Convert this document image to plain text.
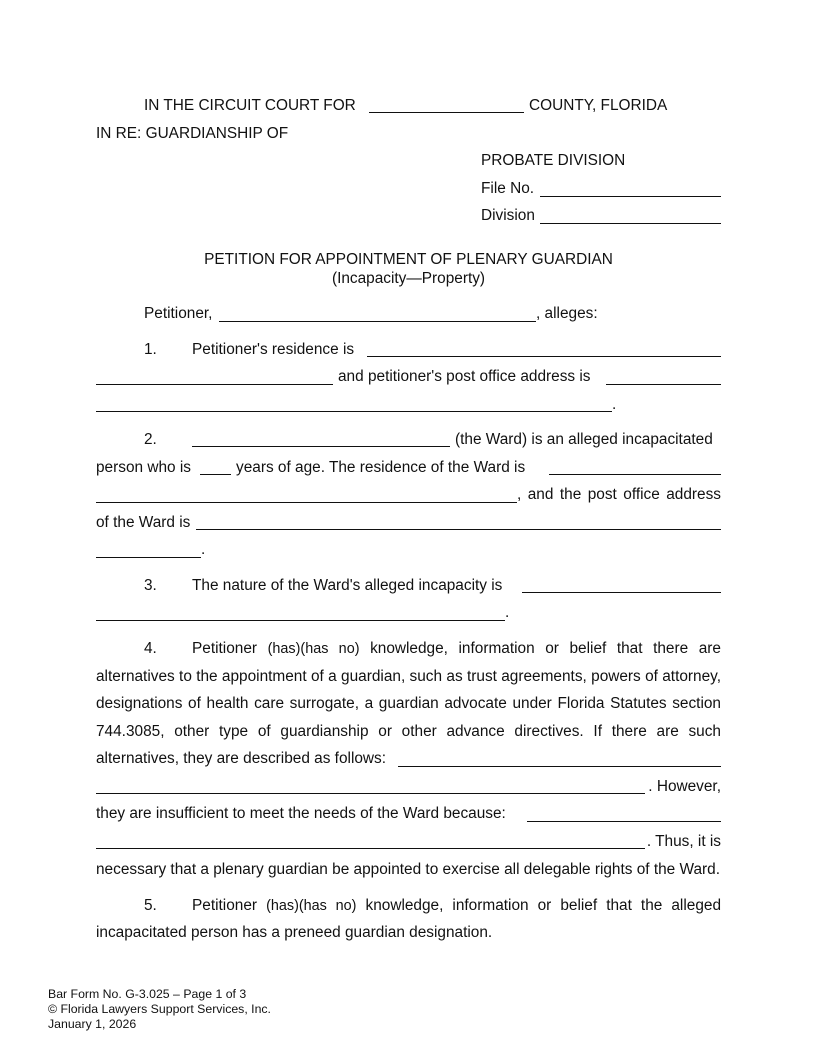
IN THE CIRCUIT COURT FOR	COUNTY, FLORIDA
IN RE: GUARDIANSHIP OF
PROBATE DIVISION
File No.
Division
PETITION FOR APPOINTMENT OF PLENARY GUARDIAN
(Incapacity—Property)
Petitioner,	, alleges:
1. Petitioner's residence is
and petitioner's post office address is
.
2.	(the Ward) is an alleged incapacitated
person who is	years of age. The residence of the Ward is
, and the post office address
of the Ward is
.
3. The nature of the Ward's alleged incapacity is
.
4. Petitioner (has)(has no) knowledge, information or belief that there are
alternatives to the appointment of a guardian, such as trust agreements, powers of attorney,
designations of health care surrogate, a guardian advocate under Florida Statutes section
744.3085, other type of guardianship or other advance directives. If there are such
alternatives, they are described as follows:
. However,
they are insufficient to meet the needs of the Ward because:
. Thus, it is
necessary that a plenary guardian be appointed to exercise all delegable rights of the Ward.
5. Petitioner (has)(has no) knowledge, information or belief that the alleged
incapacitated person has a preneed guardian designation.
Bar Form No. G-3.025 – Page 1 of 3
© Florida Lawyers Support Services, Inc.
January 1, 2026
